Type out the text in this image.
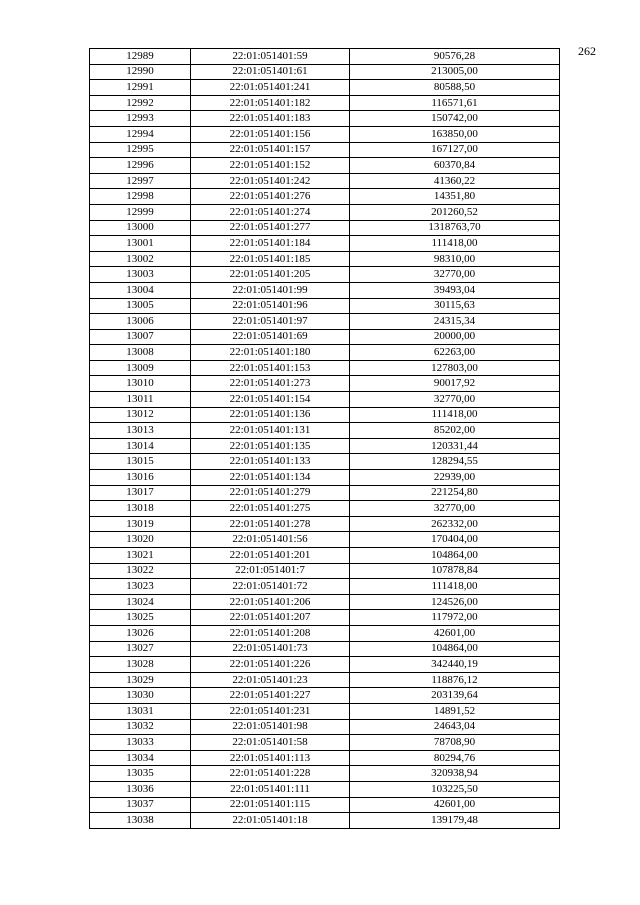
262
12989	22:01:051401:59	90576,28
12990	22:01:051401:61	213005,00
12991	22:01:051401:241	80588,50
12992	22:01:051401:182	116571,61
12993	22:01:051401:183	150742,00
12994	22:01:051401:156	163850,00
12995	22:01:051401:157	167127,00
12996	22:01:051401:152	60370,84
12997	22:01:051401:242	41360,22
12998	22:01:051401:276	14351,80
12999	22:01:051401:274	201260,52
13000	22:01:051401:277	1318763,70
13001	22:01:051401:184	111418,00
13002	22:01:051401:185	98310,00
13003	22:01:051401:205	32770,00
13004	22:01:051401:99	39493,04
13005	22:01:051401:96	30115,63
13006	22:01:051401:97	24315,34
13007	22:01:051401:69	20000,00
13008	22:01:051401:180	62263,00
13009	22:01:051401:153	127803,00
13010	22:01:051401:273	90017,92
13011	22:01:051401:154	32770,00
13012	22:01:051401:136	111418,00
13013	22:01:051401:131	85202,00
13014	22:01:051401:135	120331,44
13015	22:01:051401:133	128294,55
13016	22:01:051401:134	22939,00
13017	22:01:051401:279	221254,80
13018	22:01:051401:275	32770,00
13019	22:01:051401:278	262332,00
13020	22:01:051401:56	170404,00
13021	22:01:051401:201	104864,00
13022	22:01:051401:7	107878,84
13023	22:01:051401:72	111418,00
13024	22:01:051401:206	124526,00
13025	22:01:051401:207	117972,00
13026	22:01:051401:208	42601,00
13027	22:01:051401:73	104864,00
13028	22:01:051401:226	342440,19
13029	22:01:051401:23	118876,12
13030	22:01:051401:227	203139,64
13031	22:01:051401:231	14891,52
13032	22:01:051401:98	24643,04
13033	22:01:051401:58	78708,90
13034	22:01:051401:113	80294,76
13035	22:01:051401:228	320938,94
13036	22:01:051401:111	103225,50
13037	22:01:051401:115	42601,00
13038	22:01:051401:18	139179,48
